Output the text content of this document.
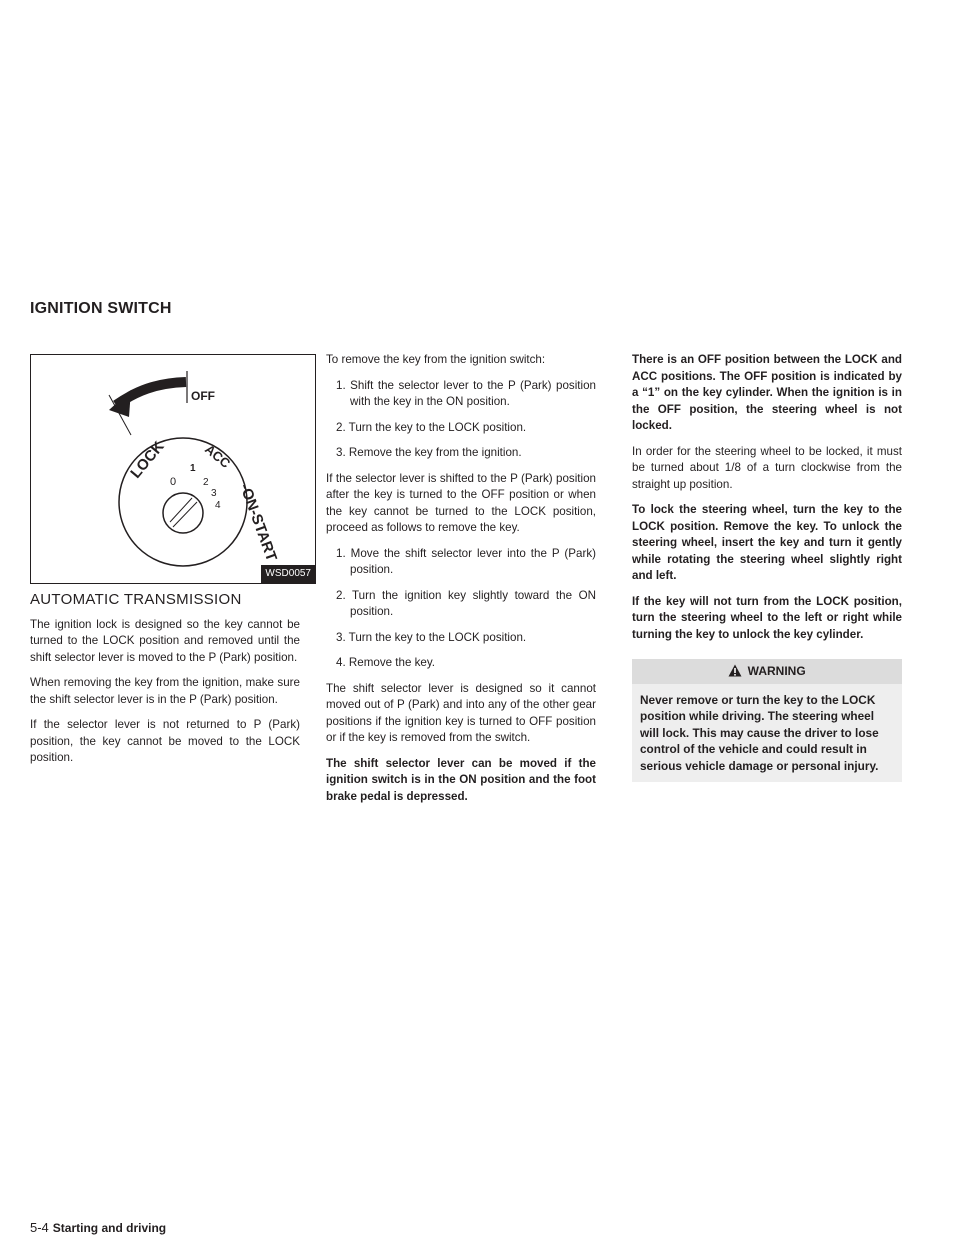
IGNITION SWITCH
OFF
LOCK	ACC
-ON-START
0
1
2
3
4
WSD0057
AUTOMATIC TRANSMISSION

The ignition lock is designed so the key cannot be turned to the LOCK position and removed until the shift selector lever is moved to the P (Park) position.

When removing the key from the ignition, make sure the shift selector lever is in the P (Park) position.

If the selector lever is not returned to P (Park) position, the key cannot be moved to the LOCK position.

To remove the key from the ignition switch:

1. Shift the selector lever to the P (Park) position with the key in the ON position.

2. Turn the key to the LOCK position.

3. Remove the key from the ignition.

If the selector lever is shifted to the P (Park) position after the key is turned to the OFF position or when the key cannot be turned to the LOCK position, proceed as follows to remove the key.

1. Move the shift selector lever into the P (Park) position.

2. Turn the ignition key slightly toward the ON position.

3. Turn the key to the LOCK position.

4. Remove the key.

The shift selector lever is designed so it cannot moved out of P (Park) and into any of the other gear positions if the ignition key is turned to OFF position or if the key is removed from the switch.

The shift selector lever can be moved if the ignition switch is in the ON position and the foot brake pedal is depressed.

There is an OFF position between the LOCK and ACC positions. The OFF position is indicated by a “1” on the key cylinder. When the ignition is in the OFF position, the steering wheel is not locked.

In order for the steering wheel to be locked, it must be turned about 1/8 of a turn clockwise from the straight up position.

To lock the steering wheel, turn the key to the LOCK position. Remove the key. To unlock the steering wheel, insert the key and turn it gently while rotating the steering wheel slightly right and left.

If the key will not turn from the LOCK position, turn the steering wheel to the left or right while turning the key to unlock the key cylinder.

WARNING
Never remove or turn the key to the LOCK position while driving. The steering wheel will lock. This may cause the driver to lose control of the vehicle and could result in serious vehicle damage or personal injury.
5-4 Starting and driving
